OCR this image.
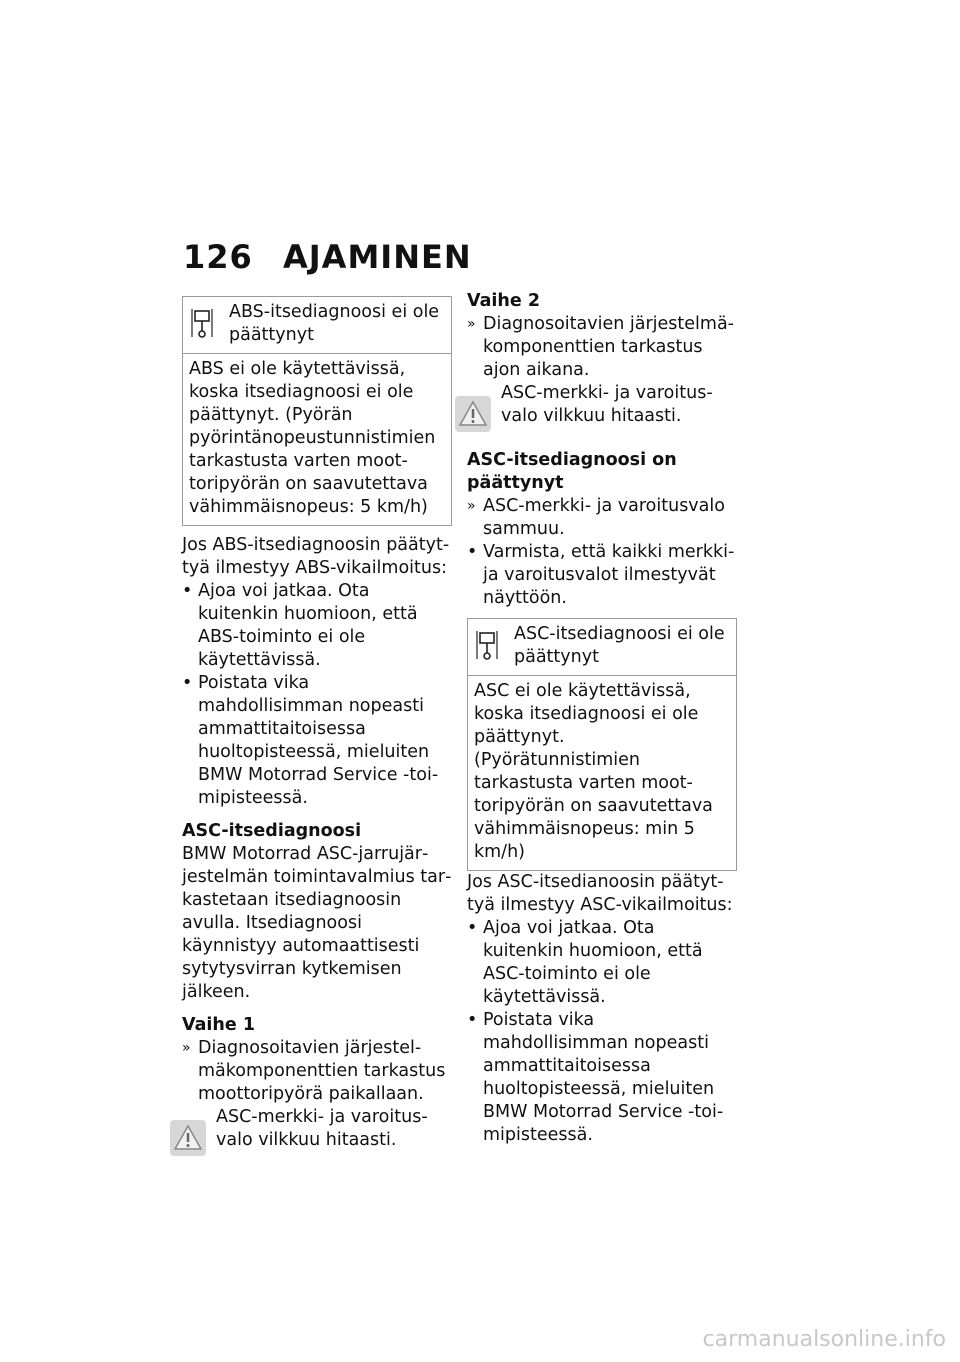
126 AJAMINEN
ABS-itsediagnoosi ei ole päättynyt
ABS ei ole käytettävissä, koska itsediagnoosi ei ole päättynyt. (Pyörän pyörintänopeustunnistimien tarkastusta varten moottoripyörän on saavutettava vähimmäisnopeus: 5 km/h)

Jos ABS-itsediagnoosin päätyttyä ilmestyy ABS-vikailmoitus:

• Ajoa voi jatkaa. Ota kuitenkin huomioon, että ABS-toiminto ei ole käytettävissä.
• Poistata vika mahdollisimman nopeasti ammattitaitoisessa huoltopisteessä, mieluiten BMW Motorrad Service -toimipisteessä.

ASC-itsediagnoosi

BMW Motorrad ASC-jarrujärjestelmän toimintavalmius tarkastetaan itsediagnoosin avulla. Itsediagnoosi käynnistyy automaattisesti sytytysvirran kytkemisen jälkeen.

Vaihe 1

» Diagnosoitavien järjestelmäkomponenttien tarkastus moottoripyörä paikallaan.
ASC-merkki- ja varoitusvalo vilkkuu hitaasti.

Vaihe 2

» Diagnosoitavien järjestelmäkomponenttien tarkastus ajon aikana.
ASC-merkki- ja varoitusvalo vilkkuu hitaasti.

ASC-itsediagnoosi on päättynyt

» ASC-merkki- ja varoitusvalo sammuu.
• Varmista, että kaikki merkki- ja varoitusvalot ilmestyvät näyttöön.
ASC-itsediagnoosi ei ole päättynyt
ASC ei ole käytettävissä, koska itsediagnoosi ei ole päättynyt. (Pyörätunnistimien tarkastusta varten moottoripyörän on saavutettava vähimmäisnopeus: min 5 km/h)

Jos ASC-itsedianoosin päätyttyä ilmestyy ASC-vikailmoitus:

• Ajoa voi jatkaa. Ota kuitenkin huomioon, että ASC-toiminto ei ole käytettävissä.
• Poistata vika mahdollisimman nopeasti ammattitaitoisessa huoltopisteessä, mieluiten BMW Motorrad Service -toimipisteessä.
carmanualsonline.info
